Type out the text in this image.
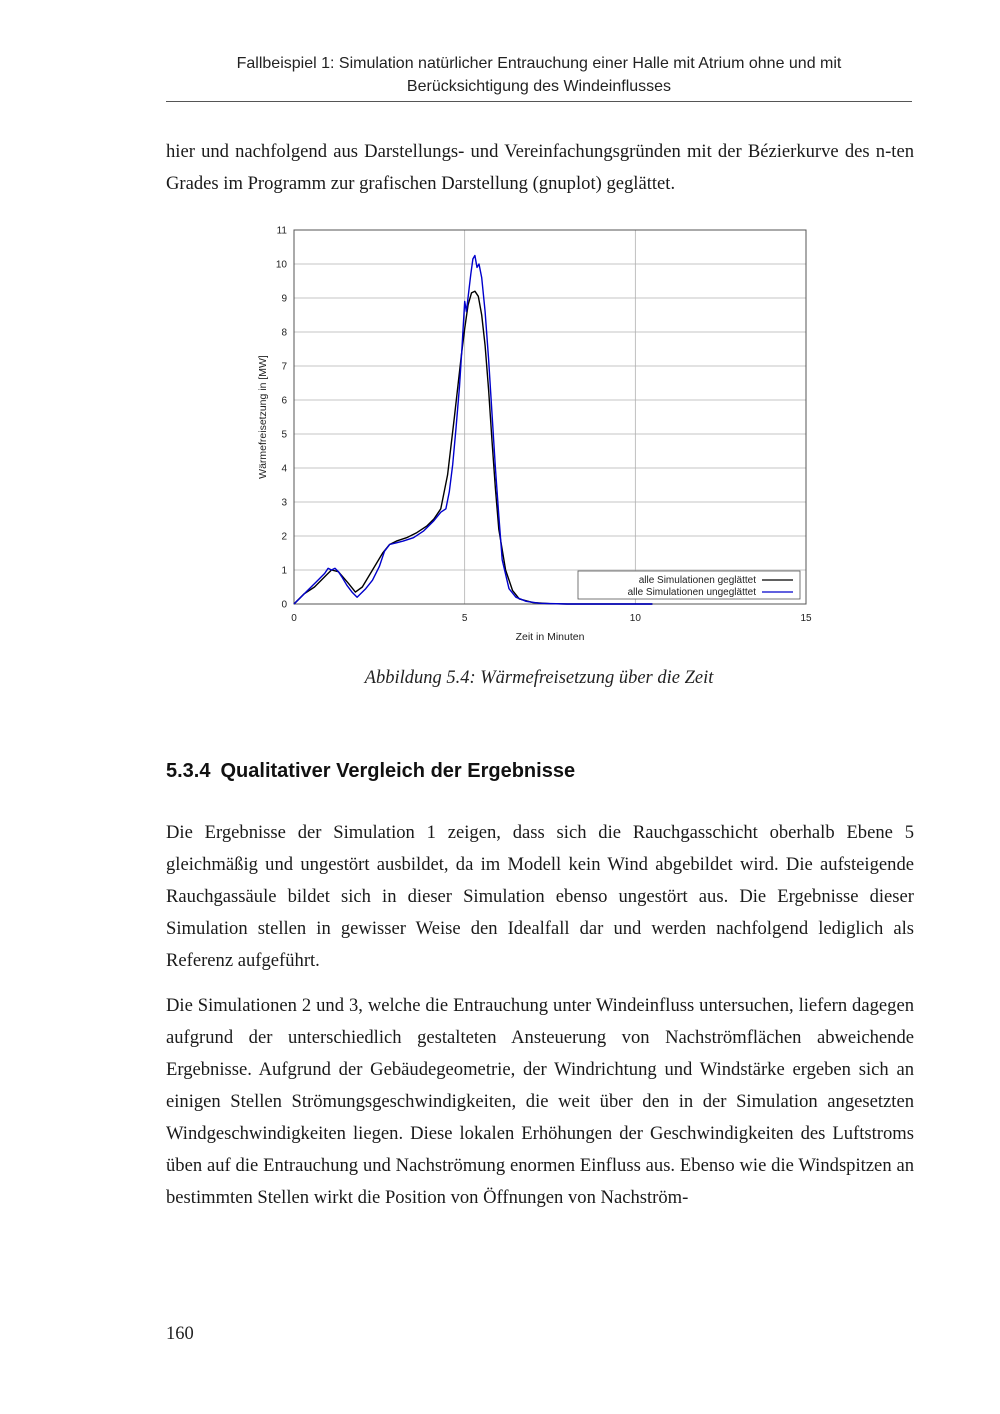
Fallbeispiel 1: Simulation natürlicher Entrauchung einer Halle mit Atrium ohne und mit
Berücksichtigung des Windeinflusses

hier und nachfolgend aus Darstellungs- und Vereinfachungsgründen mit der Bézierkurve des n-ten Grades im Programm zur grafischen Darstellung (gnuplot) geglättet.

0
1
2
3
4
5
6
7
8
9
10
11
0	5	10	15
Zeit in Minuten
Wärmefreisetzung in [MW]
alle Simulationen geglättet
alle Simulationen ungeglättet
Abbildung 5.4: Wärmefreisetzung über die Zeit
5.3.4 Qualitativer Vergleich der Ergebnisse

Die Ergebnisse der Simulation 1 zeigen, dass sich die Rauchgasschicht oberhalb Ebene 5 gleichmäßig und ungestört ausbildet, da im Modell kein Wind abgebildet wird. Die aufsteigende Rauchgassäule bildet sich in dieser Simulation ebenso ungestört aus. Die Ergebnisse dieser Simulation stellen in gewisser Weise den Idealfall dar und werden nachfolgend lediglich als Referenz aufgeführt.

Die Simulationen 2 und 3, welche die Entrauchung unter Windeinfluss untersuchen, liefern dagegen aufgrund der unterschiedlich gestalteten Ansteuerung von Nachströmflächen abweichende Ergebnisse. Aufgrund der Gebäudegeometrie, der Windrichtung und Windstärke ergeben sich an einigen Stellen Strömungsgeschwindigkeiten, die weit über den in der Simulation angesetzten Windgeschwindigkeiten liegen. Diese lokalen Erhöhungen der Geschwindigkeiten des Luftstroms üben auf die Entrauchung und Nachströmung enormen Einfluss aus. Ebenso wie die Windspitzen an bestimmten Stellen wirkt die Position von Öffnungen von Nachström-

160
